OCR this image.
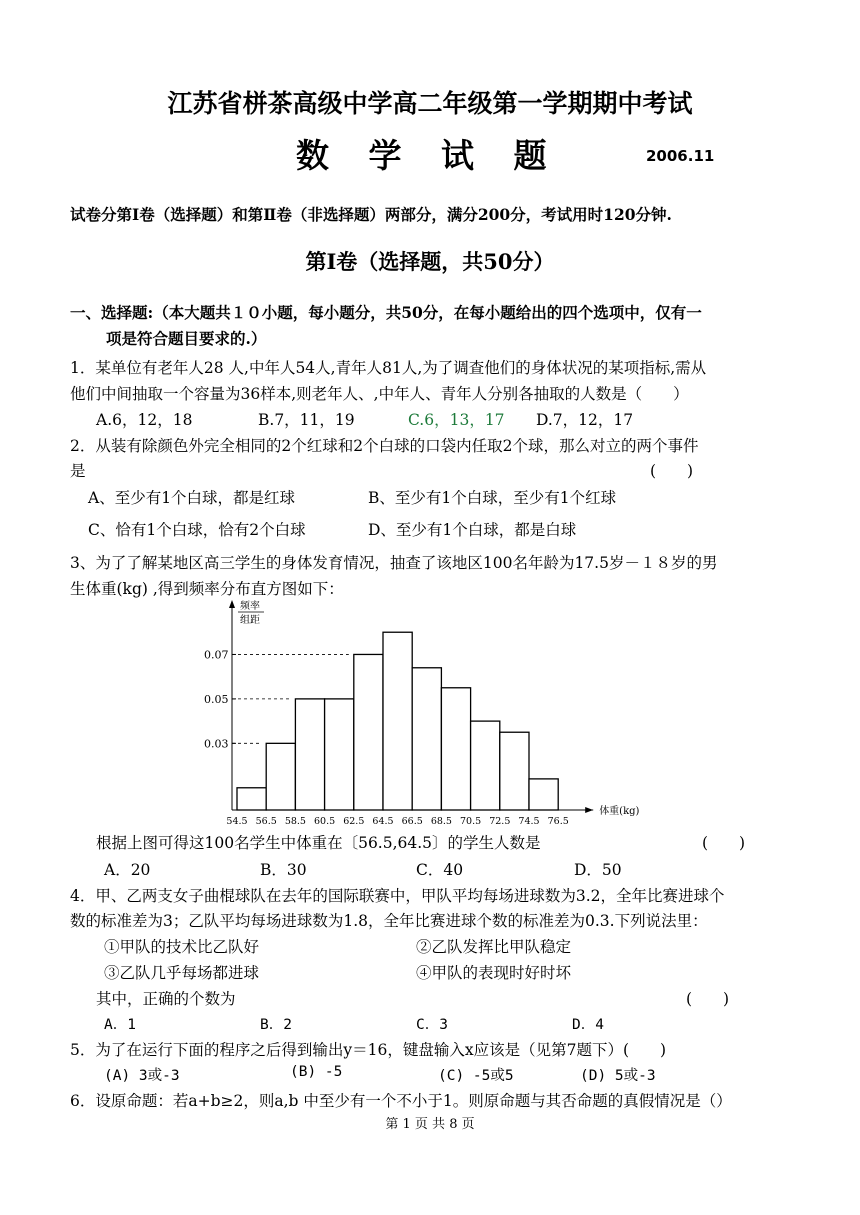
江苏省栟茶高级中学高二年级第一学期期中考试
数 学 试 题	2006.11
试卷分第Ⅰ卷（选择题）和第Ⅱ卷（非选择题）两部分，满分200分，考试用时120分钟.
第Ⅰ卷（选择题，共50分）
一、选择题:（本大题共１０小题，每小题分，共50分，在每小题给出的四个选项中，仅有一
项是符合题目要求的.）
1．某单位有老年人28 人,中年人54人,青年人81人,为了调查他们的身体状况的某项指标,需从
他们中间抽取一个容量为36样本,则老年人、,中年人、青年人分别各抽取的人数是（　　）
A.6，12，18	B.7，11，19	C.6，13，17 D.7，12，17
2．从装有除颜色外完全相同的2个红球和2个白球的口袋内任取2个球，那么对立的两个事件
是	(　　)
A、至少有1个白球，都是红球	B、至少有1个白球，至少有1个红球
C、恰有1个白球，恰有2个白球	D、至少有1个白球，都是白球
3、为了了解某地区高三学生的身体发育情况，抽查了该地区100名年龄为17.5岁－１８岁的男
生体重(kg) ,得到频率分布直方图如下：
频率
组距
体重(kg)
0.03
0.05
0.07
54.5 56.5 58.5 60.5 62.5 64.5 66.5 68.5 70.5 72.5 74.5 76.5
根据上图可得这100名学生中体重在〔56.5,64.5〕的学生人数是	(　　)
A．20	B．30	C．40	D．50
4．甲、乙两支女子曲棍球队在去年的国际联赛中，甲队平均每场进球数为3.2，全年比赛进球个
数的标准差为3；乙队平均每场进球数为1.8，全年比赛进球个数的标准差为0.3.下列说法里：
①甲队的技术比乙队好	②乙队发挥比甲队稳定
③乙队几乎每场都进球	④甲队的表现时好时坏
其中，正确的个数为	(　　)
A．1	B．2	C．3	D．4
5．为了在运行下面的程序之后得到输出y＝16，键盘输入x应该是（见第7题下）(　　)
(A) 3或-3	(B) -5	(C) -5或5	(D) 5或-3
6．设原命题：若a+b≥2，则a,b 中至少有一个不小于1。则原命题与其否命题的真假情况是（）
第 1 页 共 8 页
